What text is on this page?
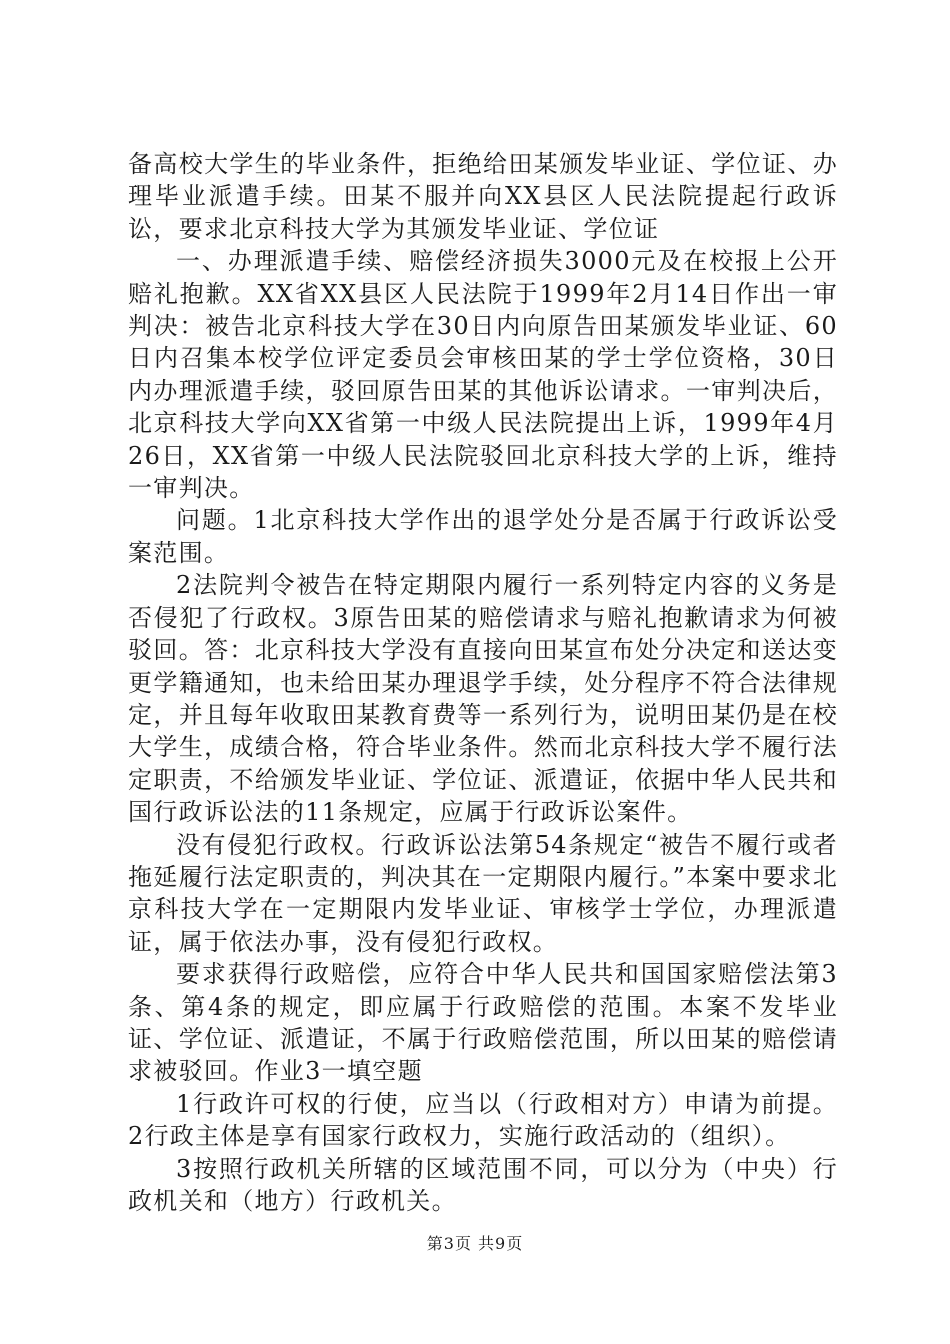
备高校大学生的毕业条件，拒绝给田某颁发毕业证、学位证、办理毕业派遣手续。田某不服并向XX县区人民法院提起行政诉讼，要求北京科技大学为其颁发毕业证、学位证

一、办理派遣手续、赔偿经济损失3000元及在校报上公开赔礼抱歉。XX省XX县区人民法院于1999年2月14日作出一审判决：被告北京科技大学在30日内向原告田某颁发毕业证、60日内召集本校学位评定委员会审核田某的学士学位资格，30日内办理派遣手续，驳回原告田某的其他诉讼请求。一审判决后，北京科技大学向XX省第一中级人民法院提出上诉，1999年4月26日，XX省第一中级人民法院驳回北京科技大学的上诉，维持一审判决。

问题。1北京科技大学作出的退学处分是否属于行政诉讼受案范围。

2法院判令被告在特定期限内履行一系列特定内容的义务是否侵犯了行政权。3原告田某的赔偿请求与赔礼抱歉请求为何被驳回。答：北京科技大学没有直接向田某宣布处分决定和送达变更学籍通知，也未给田某办理退学手续，处分程序不符合法律规定，并且每年收取田某教育费等一系列行为，说明田某仍是在校大学生，成绩合格，符合毕业条件。然而北京科技大学不履行法定职责，不给颁发毕业证、学位证、派遣证，依据中华人民共和国行政诉讼法的11条规定，应属于行政诉讼案件。

没有侵犯行政权。行政诉讼法第54条规定“被告不履行或者拖延履行法定职责的，判决其在一定期限内履行。”本案中要求北京科技大学在一定期限内发毕业证、审核学士学位，办理派遣证，属于依法办事，没有侵犯行政权。

要求获得行政赔偿，应符合中华人民共和国国家赔偿法第3条、第4条的规定，即应属于行政赔偿的范围。本案不发毕业证、学位证、派遣证，不属于行政赔偿范围，所以田某的赔偿请求被驳回。作业3一填空题

1行政许可权的行使，应当以（行政相对方）申请为前提。2行政主体是享有国家行政权力，实施行政活动的（组织）。

3按照行政机关所辖的区域范围不同，可以分为（中央）行政机关和（地方）行政机关。

第3页 共9页
